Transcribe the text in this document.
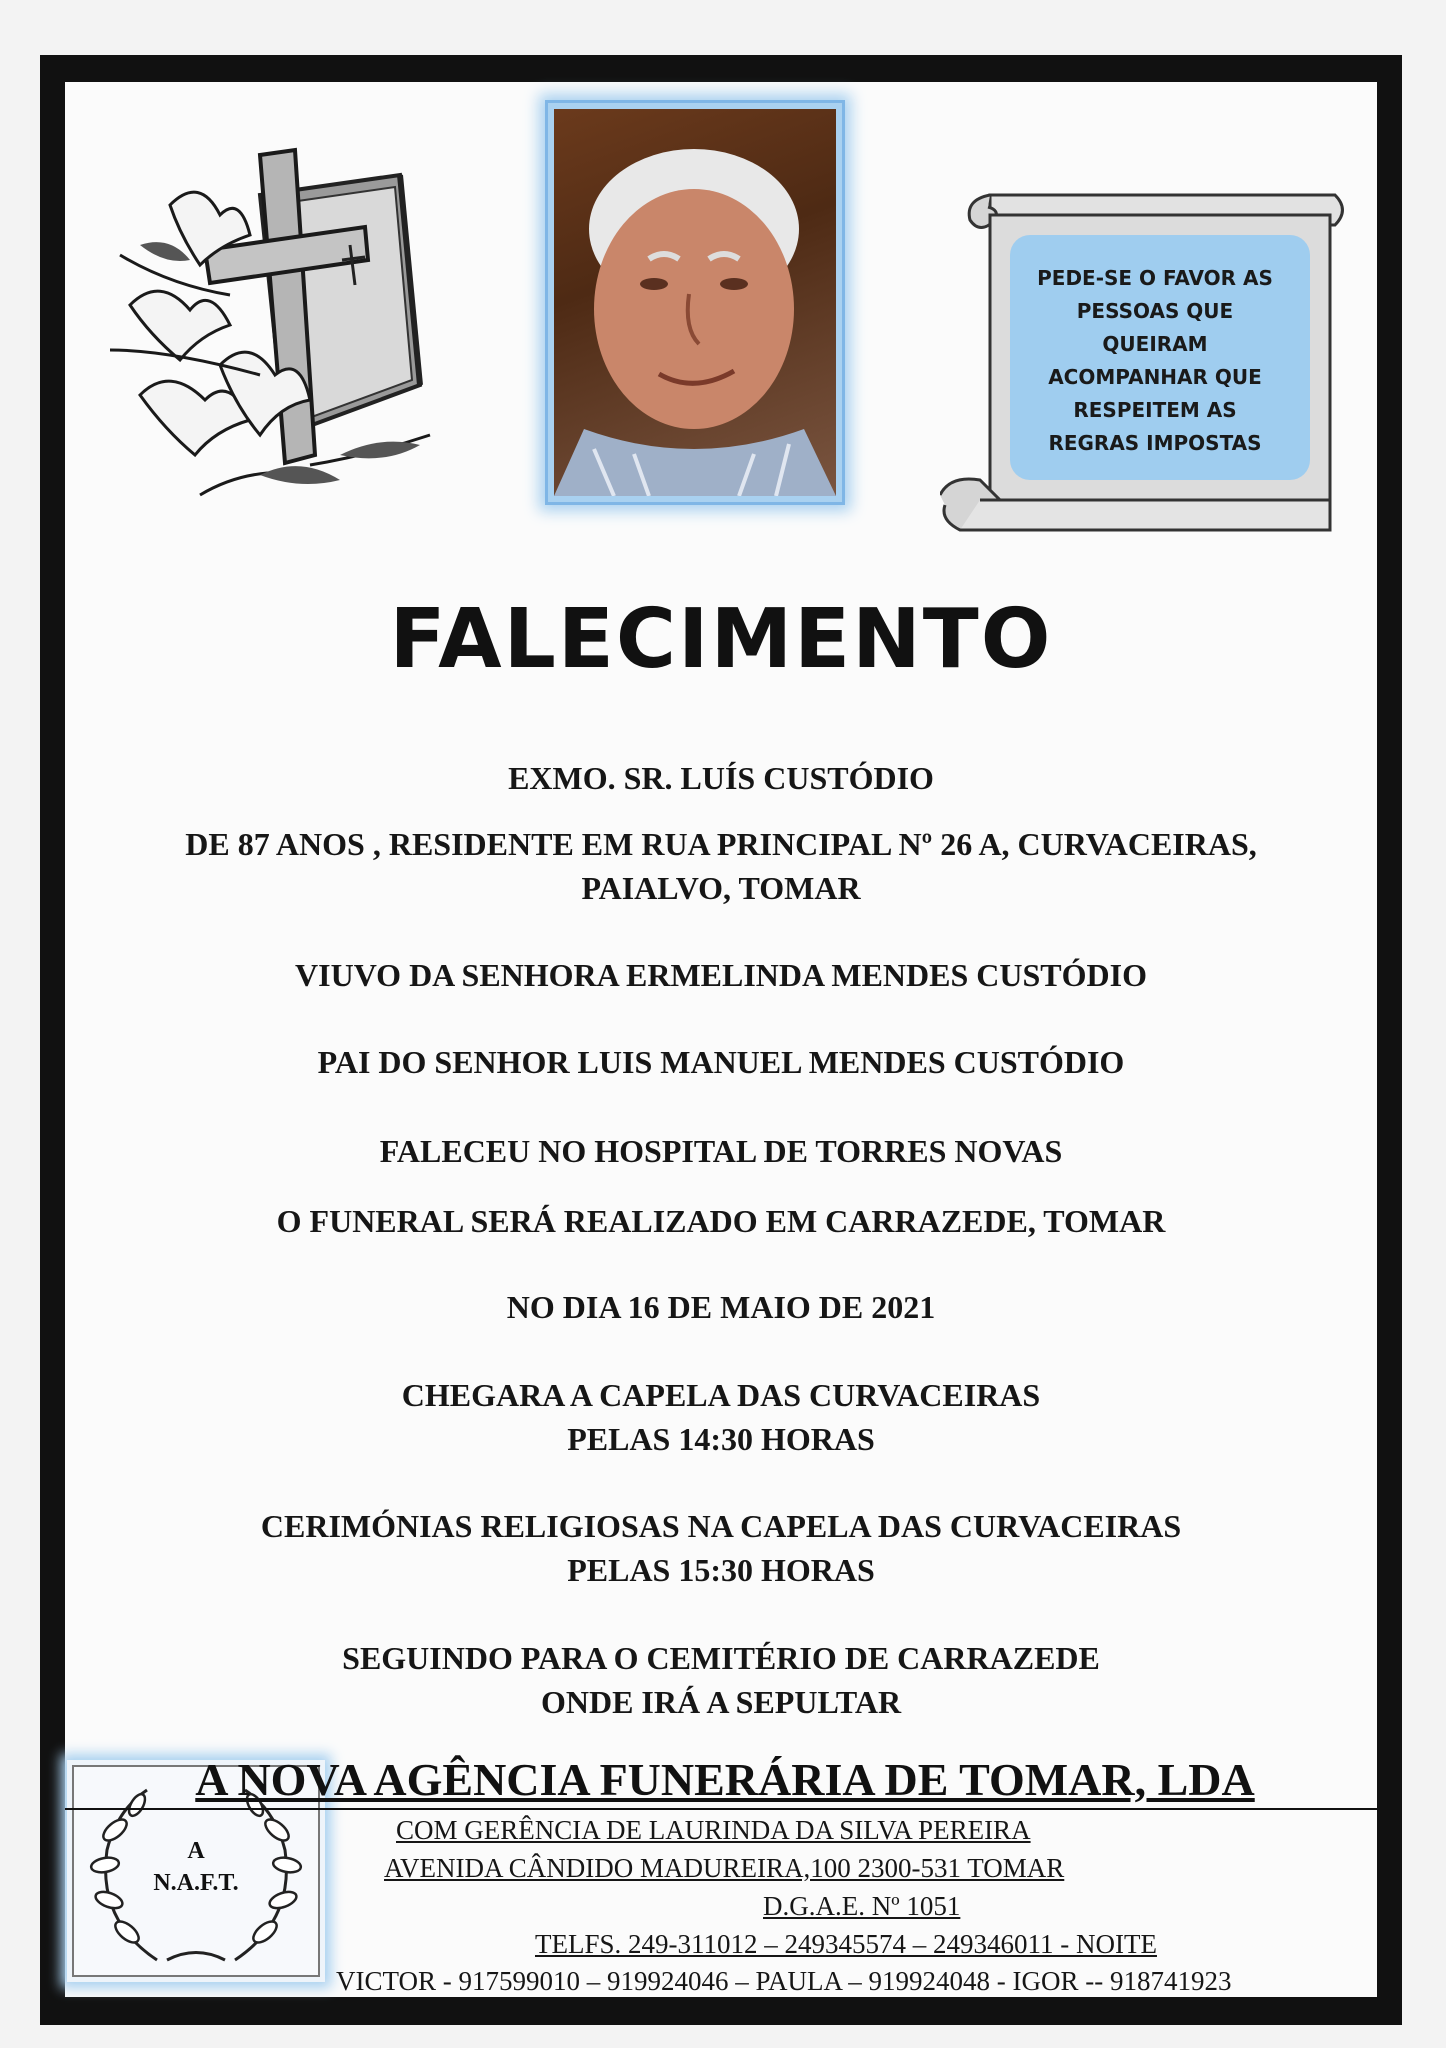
PEDE-SE O FAVOR AS
PESSOAS QUE
QUEIRAM
ACOMPANHAR QUE
RESPEITEM AS
REGRAS IMPOSTAS
FALECIMENTO
EXMO. SR. LUÍS CUSTÓDIO
DE 87 ANOS , RESIDENTE EM RUA PRINCIPAL Nº 26 A, CURVACEIRAS,
PAIALVO, TOMAR
VIUVO DA SENHORA ERMELINDA MENDES CUSTÓDIO
PAI DO SENHOR LUIS MANUEL MENDES CUSTÓDIO
FALECEU NO HOSPITAL DE TORRES NOVAS
O FUNERAL SERÁ REALIZADO EM CARRAZEDE, TOMAR
NO DIA 16 DE MAIO DE 2021
CHEGARA A CAPELA DAS CURVACEIRAS
PELAS 14:30 HORAS
CERIMÓNIAS RELIGIOSAS NA CAPELA DAS CURVACEIRAS
PELAS 15:30 HORAS
SEGUINDO PARA O CEMITÉRIO DE CARRAZEDE
ONDE IRÁ A SEPULTAR
A
N.A.F.T.
A NOVA AGÊNCIA FUNERÁRIA DE TOMAR, LDA
COM GERÊNCIA DE LAURINDA DA SILVA PEREIRA
AVENIDA CÂNDIDO MADUREIRA,100 2300-531 TOMAR
D.G.A.E. Nº 1051
TELFS. 249-311012 – 249345574 – 249346011 - NOITE
VICTOR - 917599010 – 919924046 – PAULA – 919924048 - IGOR -- 918741923
